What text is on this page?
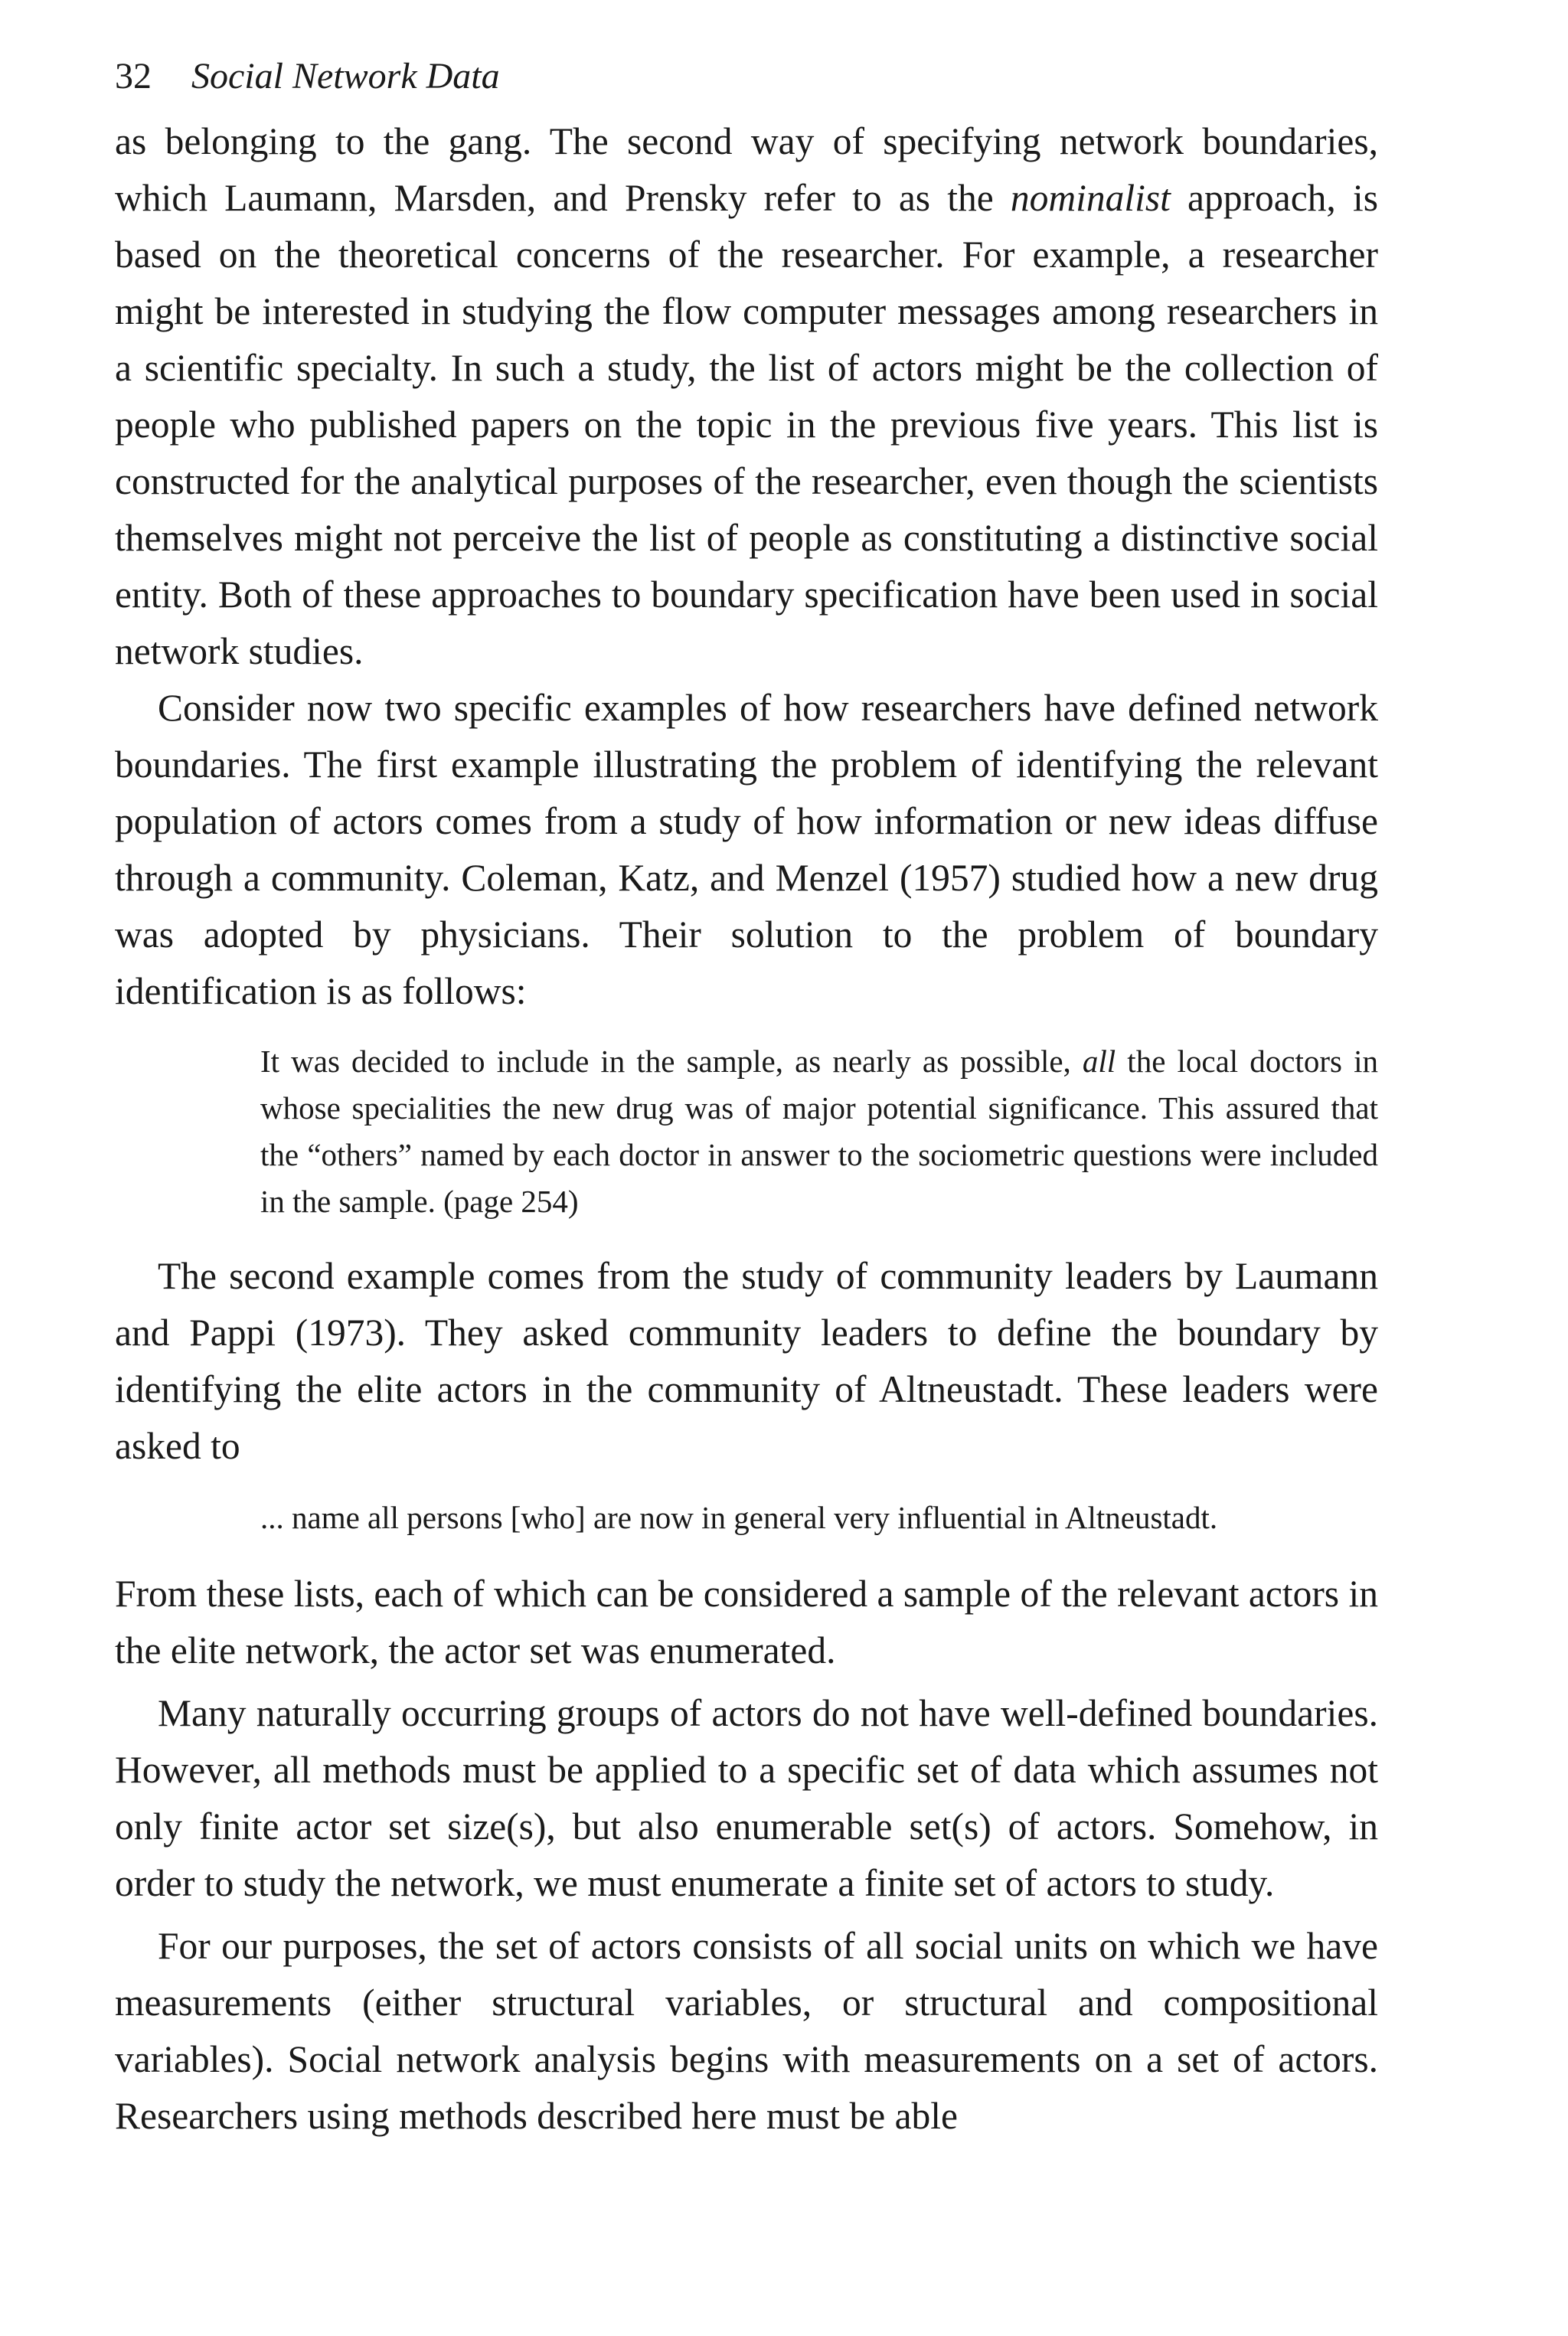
32 Social Network Data

as belonging to the gang. The second way of specifying network boundaries, which Laumann, Marsden, and Prensky refer to as the nominalist approach, is based on the theoretical concerns of the researcher. For example, a researcher might be interested in studying the flow computer messages among researchers in a scientific specialty. In such a study, the list of actors might be the collection of people who published papers on the topic in the previous five years. This list is constructed for the analytical purposes of the researcher, even though the scientists themselves might not perceive the list of people as constituting a distinctive social entity. Both of these approaches to boundary specification have been used in social network studies.

Consider now two specific examples of how researchers have defined network boundaries. The first example illustrating the problem of identifying the relevant population of actors comes from a study of how information or new ideas diffuse through a community. Coleman, Katz, and Menzel (1957) studied how a new drug was adopted by physicians. Their solution to the problem of boundary identification is as follows:

It was decided to include in the sample, as nearly as possible, all the local doctors in whose specialities the new drug was of major potential significance. This assured that the “others” named by each doctor in answer to the sociometric questions were included in the sample. (page 254)

The second example comes from the study of community leaders by Laumann and Pappi (1973). They asked community leaders to define the boundary by identifying the elite actors in the community of Altneustadt. These leaders were asked to

... name all persons [who] are now in general very influential in Altneustadt.

From these lists, each of which can be considered a sample of the relevant actors in the elite network, the actor set was enumerated.

Many naturally occurring groups of actors do not have well-defined boundaries. However, all methods must be applied to a specific set of data which assumes not only finite actor set size(s), but also enumerable set(s) of actors. Somehow, in order to study the network, we must enumerate a finite set of actors to study.

For our purposes, the set of actors consists of all social units on which we have measurements (either structural variables, or structural and compositional variables). Social network analysis begins with measurements on a set of actors. Researchers using methods described here must be able
